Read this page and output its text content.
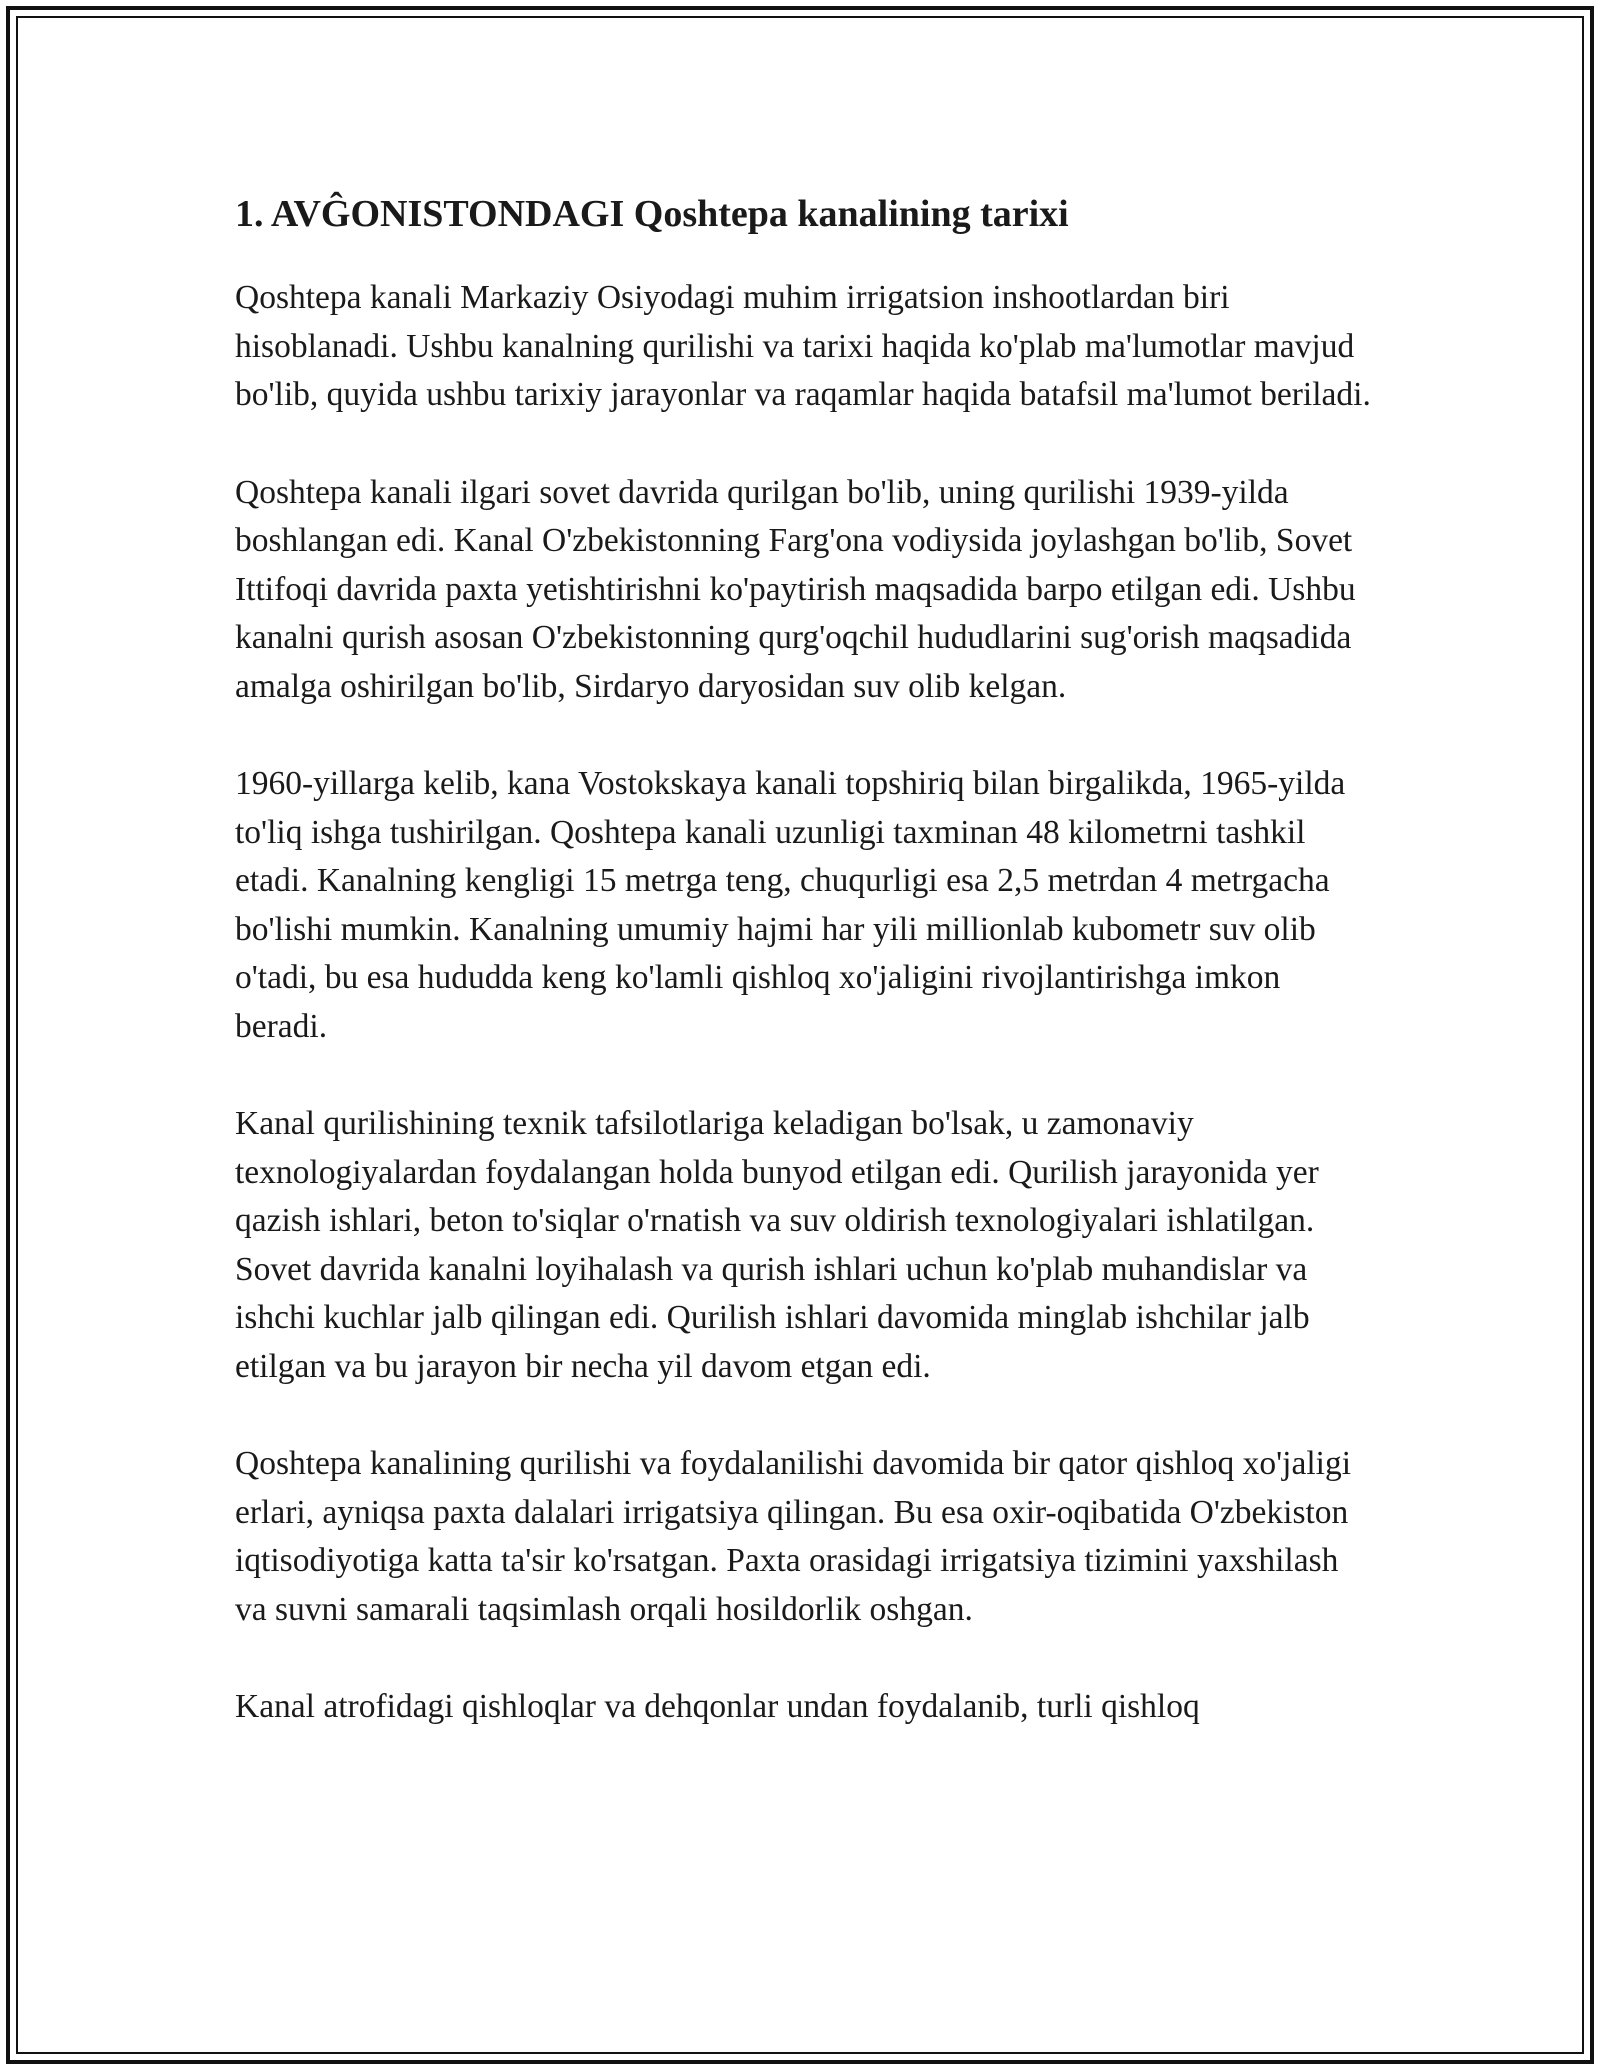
1. AVĜONISTONDAGI Qoshtepa kanalining tarixi

Qoshtepa kanali Markaziy Osiyodagi muhim irrigatsion inshootlardan biri hisoblanadi. Ushbu kanalning qurilishi va tarixi haqida ko'plab ma'lumotlar mavjud bo'lib, quyida ushbu tarixiy jarayonlar va raqamlar haqida batafsil ma'lumot beriladi.

Qoshtepa kanali ilgari sovet davrida qurilgan bo'lib, uning qurilishi 1939-yilda boshlangan edi. Kanal O'zbekistonning Farg'ona vodiysida joylashgan bo'lib, Sovet Ittifoqi davrida paxta yetishtirishni ko'paytirish maqsadida barpo etilgan edi. Ushbu kanalni qurish asosan O'zbekistonning qurg'oqchil hududlarini sug'orish maqsadida amalga oshirilgan bo'lib, Sirdaryo daryosidan suv olib kelgan.

1960-yillarga kelib, kana Vostokskaya kanali topshiriq bilan birgalikda, 1965-yilda to'liq ishga tushirilgan. Qoshtepa kanali uzunligi taxminan 48 kilometrni tashkil etadi. Kanalning kengligi 15 metrga teng, chuqurligi esa 2,5 metrdan 4 metrgacha bo'lishi mumkin. Kanalning umumiy hajmi har yili millionlab kubometr suv olib o'tadi, bu esa hududda keng ko'lamli qishloq xo'jaligini rivojlantirishga imkon beradi.

Kanal qurilishining texnik tafsilotlariga keladigan bo'lsak, u zamonaviy texnologiyalardan foydalangan holda bunyod etilgan edi. Qurilish jarayonida yer qazish ishlari, beton to'siqlar o'rnatish va suv oldirish texnologiyalari ishlatilgan. Sovet davrida kanalni loyihalash va qurish ishlari uchun ko'plab muhandislar va ishchi kuchlar jalb qilingan edi. Qurilish ishlari davomida minglab ishchilar jalb etilgan va bu jarayon bir necha yil davom etgan edi.

Qoshtepa kanalining qurilishi va foydalanilishi davomida bir qator qishloq xo'jaligi erlari, ayniqsa paxta dalalari irrigatsiya qilingan. Bu esa oxir-oqibatida O'zbekiston iqtisodiyotiga katta ta'sir ko'rsatgan. Paxta orasidagi irrigatsiya tizimini yaxshilash va suvni samarali taqsimlash orqali hosildorlik oshgan.

Kanal atrofidagi qishloqlar va dehqonlar undan foydalanib, turli qishloq
